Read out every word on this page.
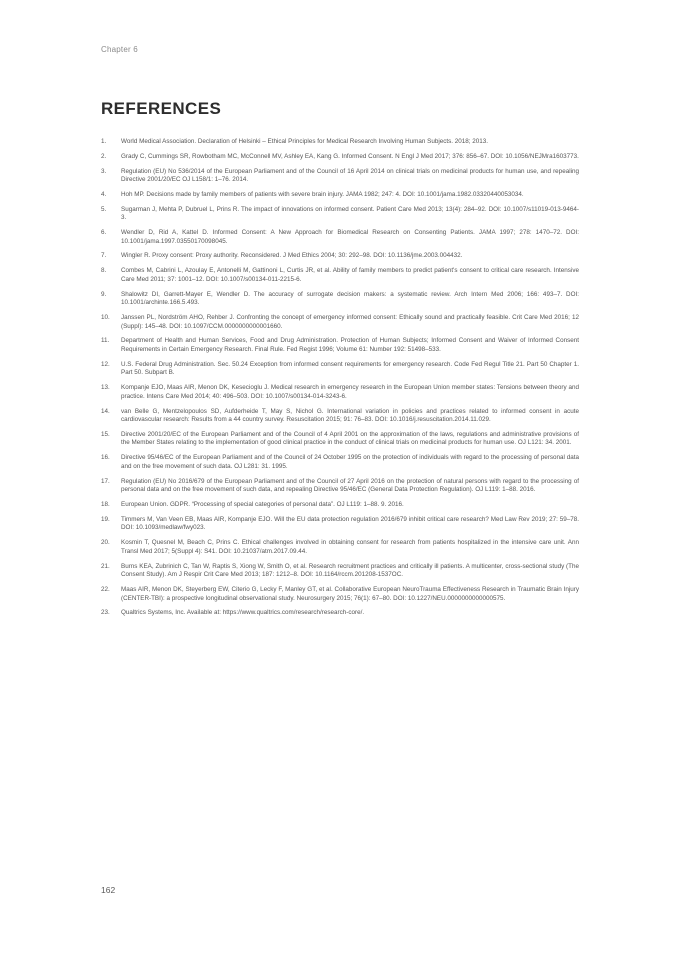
Chapter 6
REFERENCES
1.	World Medical Association. Declaration of Helsinki – Ethical Principles for Medical Research Involving Human Subjects. 2018; 2013.
2.	Grady C, Cummings SR, Rowbotham MC, McConnell MV, Ashley EA, Kang G. Informed Consent. N Engl J Med 2017; 376: 856–67. DOI: 10.1056/NEJMra1603773.
3.	Regulation (EU) No 536/2014 of the European Parliament and of the Council of 16 April 2014 on clinical trials on medicinal products for human use, and repealing Directive 2001/20/EC OJ L158/1: 1–76. 2014.
4.	Hoh MP. Decisions made by family members of patients with severe brain injury. JAMA 1982; 247: 4. DOI: 10.1001/jama.1982.03320440053034.
5.	Sugarman J, Mehta P, Dubruel L, Prins R. The impact of innovations on informed consent. Patient Care Med 2013; 13(4): 284–92. DOI: 10.1007/s11019-013-9464-3.
6.	Wendler D, Rid A, Kattel D. Informed Consent: A New Approach for Biomedical Research on Consenting Patients. JAMA 1997; 278: 1470–72. DOI: 10.1001/jama.1997.03550170098045.
7.	Wingler R. Proxy consent: Proxy authority. Reconsidered. J Med Ethics 2004; 30: 292–98. DOI: 10.1136/jme.2003.004432.
8.	Combes M, Cabrini L, Azoulay E, Antonelli M, Gattinoni L, Curtis JR, et al. Ability of family members to predict patient's consent to critical care research. Intensive Care Med 2011; 37: 1001–12. DOI: 10.1007/s00134-011-2215-6.
9.	Shalowitz DI, Garrett-Mayer E, Wendler D. The accuracy of surrogate decision makers: a systematic review. Arch Intern Med 2006; 166: 493–7. DOI: 10.1001/archinte.166.5.493.
10.	Janssen PL, Nordström AHO, Rehber J. Confronting the concept of emergency informed consent: Ethically sound and practically feasible. Crit Care Med 2016; 12 (Suppl): 145–48. DOI: 10.1097/CCM.0000000000001660.
11.	Department of Health and Human Services, Food and Drug Administration. Protection of Human Subjects; Informed Consent and Waiver of Informed Consent Requirements in Certain Emergency Research. Final Rule. Fed Regist 1996; Volume 61: Number 192: 51498–533.
12.	U.S. Federal Drug Administration. Sec. 50.24 Exception from informed consent requirements for emergency research. Code Fed Regul Title 21. Part 50 Chapter 1. Part 50. Subpart B.
13.	Kompanje EJO, Maas AIR, Menon DK, Kesecioglu J. Medical research in emergency research in the European Union member states: Tensions between theory and practice. Intens Care Med 2014; 40: 496–503. DOI: 10.1007/s00134-014-3243-6.
14.	van Belle G, Mentzelopoulos SD, Aufderheide T, May S, Nichol G. International variation in policies and practices related to informed consent in acute cardiovascular research: Results from a 44 country survey. Resuscitation 2015; 91: 76–83. DOI: 10.1016/j.resuscitation.2014.11.029.
15.	Directive 2001/20/EC of the European Parliament and of the Council of 4 April 2001 on the approximation of the laws, regulations and administrative provisions of the Member States relating to the implementation of good clinical practice in the conduct of clinical trials on medicinal products for human use. OJ L121: 34. 2001.
16.	Directive 95/46/EC of the European Parliament and of the Council of 24 October 1995 on the protection of individuals with regard to the processing of personal data and on the free movement of such data. OJ L281: 31. 1995.
17.	Regulation (EU) No 2016/679 of the European Parliament and of the Council of 27 April 2016 on the protection of natural persons with regard to the processing of personal data and on the free movement of such data, and repealing Directive 95/46/EC (General Data Protection Regulation). OJ L119: 1–88. 2016.
18.	European Union. GDPR. “Processing of special categories of personal data”. OJ L119: 1–88. 9. 2016.
19.	Timmers M, Van Veen EB, Maas AIR, Kompanje EJO. Will the EU data protection regulation 2016/679 inhibit critical care research? Med Law Rev 2019; 27: 59–78. DOI: 10.1093/medlaw/fwy023.
20.	Kosmin T, Quesnel M, Beach C, Prins C. Ethical challenges involved in obtaining consent for research from patients hospitalized in the intensive care unit. Ann Transl Med 2017; 5(Suppl 4): S41. DOI: 10.21037/atm.2017.09.44.
21.	Burns KEA, Zubrinich C, Tan W, Raptis S, Xiong W, Smith O, et al. Research recruitment practices and critically ill patients. A multicenter, cross-sectional study (The Consent Study). Am J Respir Crit Care Med 2013; 187: 1212–8. DOI: 10.1164/rccm.201208-1537OC.
22.	Maas AIR, Menon DK, Steyerberg EW, Citerio G, Lecky F, Manley GT, et al. Collaborative European NeuroTrauma Effectiveness Research in Traumatic Brain Injury (CENTER-TBI): a prospective longitudinal observational study. Neurosurgery 2015; 76(1): 67–80. DOI: 10.1227/NEU.0000000000000575.
23.	Qualtrics Systems, Inc. Available at: https://www.qualtrics.com/research/research-core/.
162
